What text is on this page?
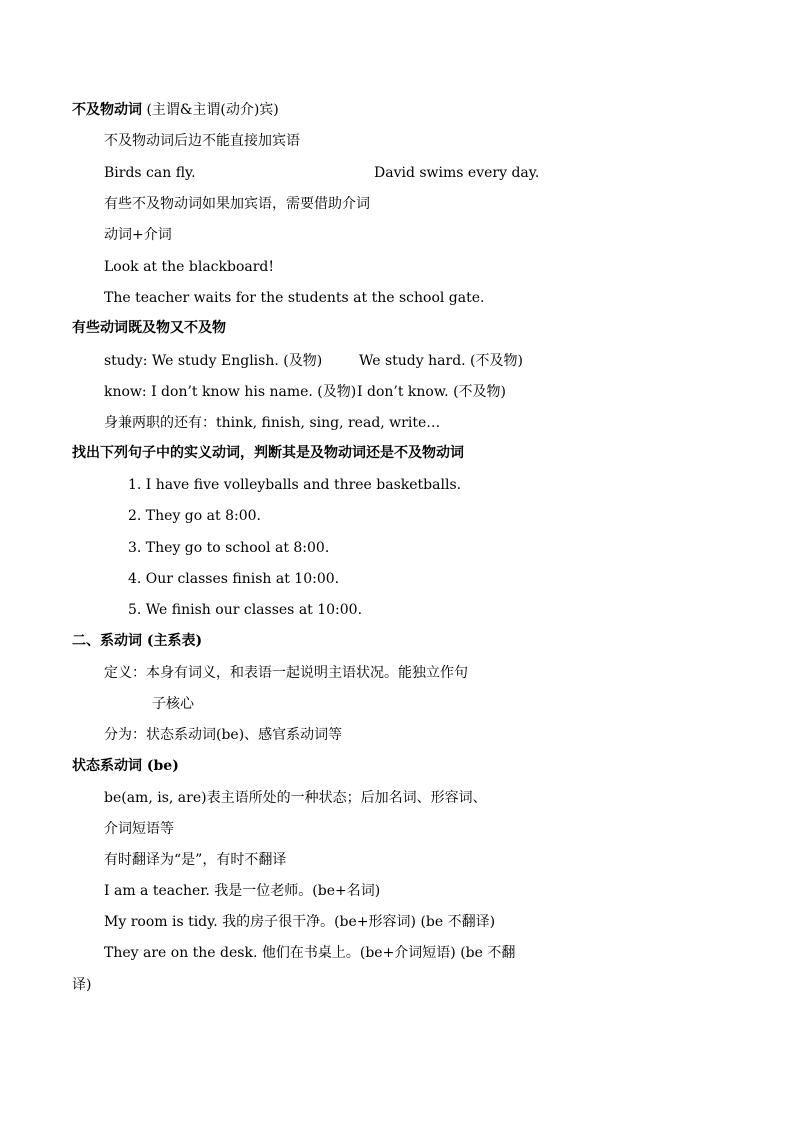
不及物动词 (主谓&主谓(动介)宾)
不及物动词后边不能直接加宾语
Birds can fly.	David swims every day.
有些不及物动词如果加宾语，需要借助介词
动词+介词
Look at the blackboard!
The teacher waits for the students at the school gate.
有些动词既及物又不及物
study: We study English. (及物)	We study hard. (不及物)
know: I don’t know his name. (及物) I don’t know. (不及物)
身兼两职的还有：think, finish, sing, read, write…
找出下列句子中的实义动词，判断其是及物动词还是不及物动词
1. I have five volleyballs and three basketballs.
2. They go at 8:00.
3. They go to school at 8:00.
4. Our classes finish at 10:00.
5. We finish our classes at 10:00.
二、系动词 (主系表)
定义：本身有词义，和表语一起说明主语状况。能独立作句
子核心
分为：状态系动词(be)、感官系动词等
状态系动词 (be)
be(am, is, are)表主语所处的一种状态；后加名词、形容词、
介词短语等
有时翻译为“是”，有时不翻译
I am a teacher. 我是一位老师。(be+名词)
My room is tidy. 我的房子很干净。(be+形容词) (be 不翻译)
They are on the desk. 他们在书桌上。(be+介词短语) (be 不翻
译)
